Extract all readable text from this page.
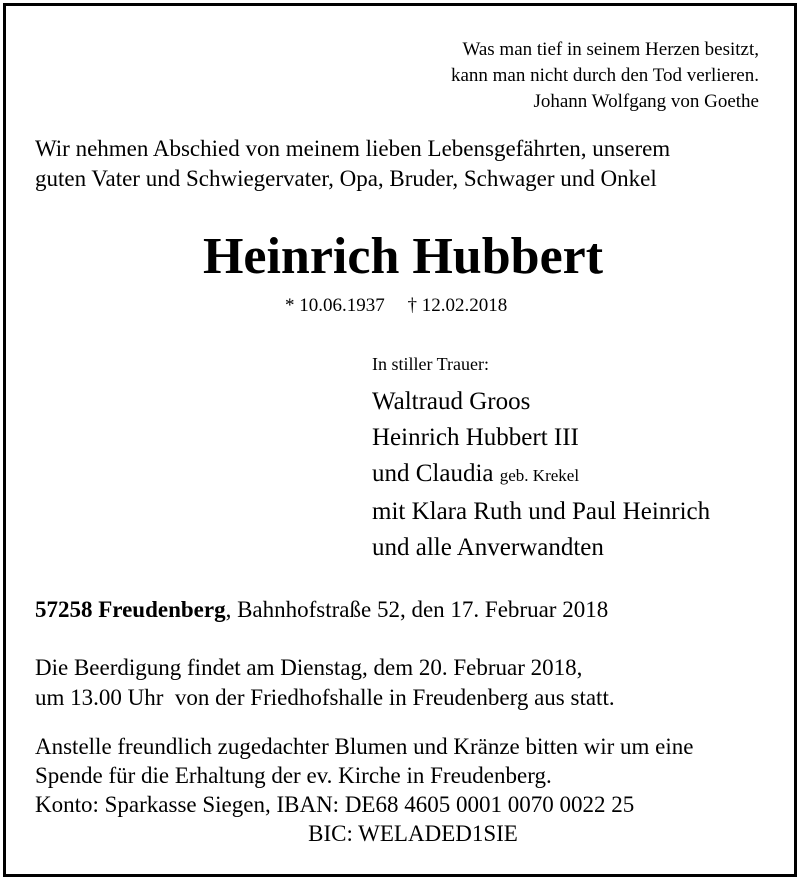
Was man tief in seinem Herzen besitzt,
kann man nicht durch den Tod verlieren.
Johann Wolfgang von Goethe
Wir nehmen Abschied von meinem lieben Lebensgefährten, unserem
guten Vater und Schwiegervater, Opa, Bruder, Schwager und Onkel
Heinrich Hubbert
* 10.06.1937 † 12.02.2018
In stiller Trauer:
Waltraud Groos
Heinrich Hubbert III
und Claudia geb. Krekel
mit Klara Ruth und Paul Heinrich
und alle Anverwandten
57258 Freudenberg, Bahnhofstraße 52, den 17. Februar 2018
Die Beerdigung findet am Dienstag, dem 20. Februar 2018,
um 13.00 Uhr  von der Friedhofshalle in Freudenberg aus statt.
Anstelle freundlich zugedachter Blumen und Kränze bitten wir um eine
Spende für die Erhaltung der ev. Kirche in Freudenberg.
Konto: Sparkasse Siegen, IBAN: DE68 4605 0001 0070 0022 25
BIC: WELADED1SIE
